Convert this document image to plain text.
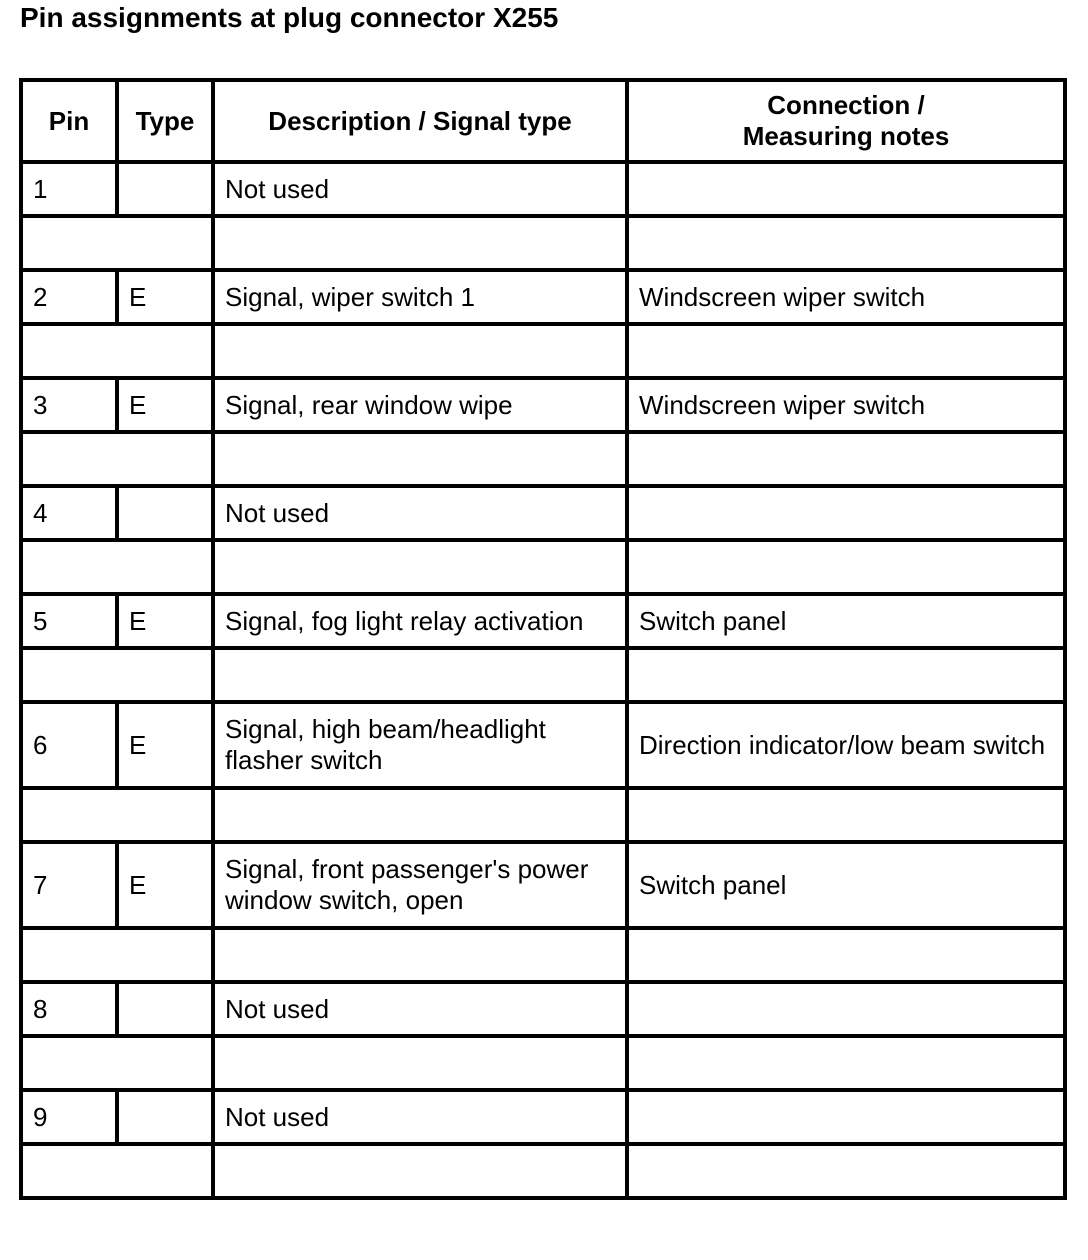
Pin assignments at plug connector X255
Pin	Type	Description / Signal type	Connection /
Measuring notes
1		Not used	

2	E	Signal, wiper switch 1	Windscreen wiper switch

3	E	Signal, rear window wipe	Windscreen wiper switch

4		Not used	

5	E	Signal, fog light relay activation	Switch panel

6	E	Signal, high beam/headlight flasher switch	Direction indicator/low beam switch

7	E	Signal, front passenger's power window switch, open	Switch panel

8		Not used	

9		Not used	
